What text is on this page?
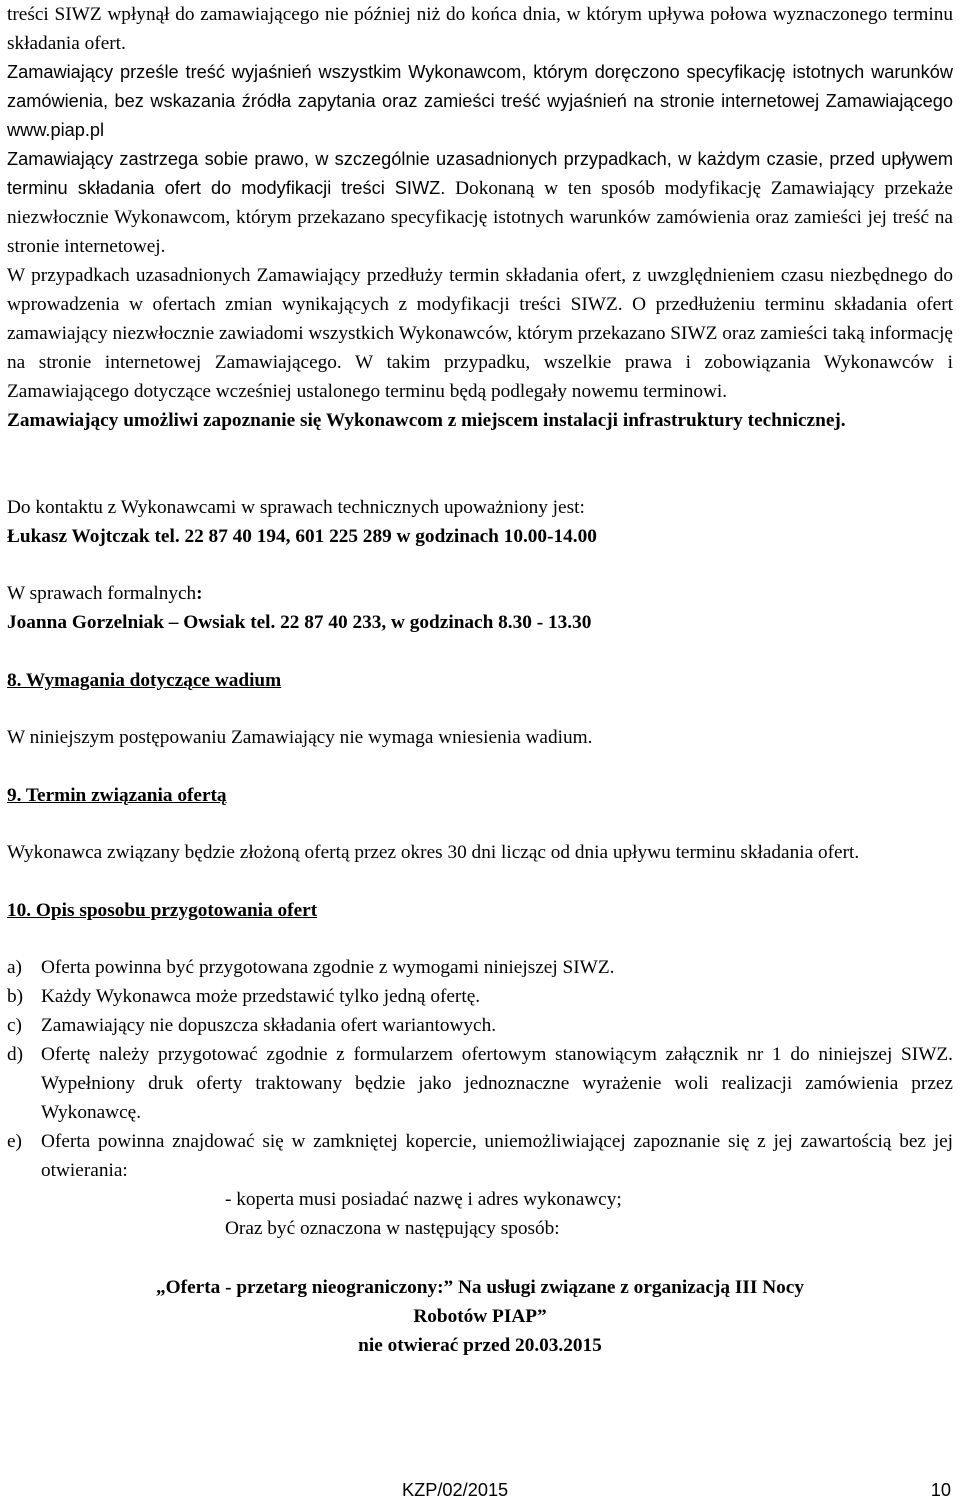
treści SIWZ wpłynął do zamawiającego nie później niż do końca dnia, w którym upływa połowa wyznaczonego terminu składania ofert.

Zamawiający prześle treść wyjaśnień wszystkim Wykonawcom, którym doręczono specyfikację istotnych warunków zamówienia, bez wskazania źródła zapytania oraz zamieści treść wyjaśnień na stronie internetowej Zamawiającego www.piap.pl

Zamawiający zastrzega sobie prawo, w szczególnie uzasadnionych przypadkach, w każdym czasie, przed upływem terminu składania ofert do modyfikacji treści SIWZ. Dokonaną w ten sposób modyfikację Zamawiający przekaże niezwłocznie Wykonawcom, którym przekazano specyfikację istotnych warunków zamówienia oraz zamieści jej treść na stronie internetowej.

W przypadkach uzasadnionych Zamawiający przedłuży termin składania ofert, z uwzględnieniem czasu niezbędnego do wprowadzenia w ofertach zmian wynikających z modyfikacji treści SIWZ. O przedłużeniu terminu składania ofert zamawiający niezwłocznie zawiadomi wszystkich Wykonawców, którym przekazano SIWZ oraz zamieści taką informację na stronie internetowej Zamawiającego. W takim przypadku, wszelkie prawa i zobowiązania Wykonawców i Zamawiającego dotyczące wcześniej ustalonego terminu będą podlegały nowemu terminowi.

Zamawiający umożliwi zapoznanie się Wykonawcom z miejscem instalacji infrastruktury technicznej.

Do kontaktu z Wykonawcami w sprawach technicznych upoważniony jest:

Łukasz Wojtczak tel. 22 87 40 194, 601 225 289 w godzinach 10.00-14.00

W sprawach formalnych:

Joanna Gorzelniak – Owsiak tel. 22 87 40 233, w godzinach 8.30 - 13.30

8. Wymagania dotyczące wadium

W niniejszym postępowaniu Zamawiający nie wymaga wniesienia wadium.

9. Termin związania ofertą

Wykonawca związany będzie złożoną ofertą przez okres 30 dni licząc od dnia upływu terminu składania ofert.

10. Opis sposobu przygotowania ofert

a) Oferta powinna być przygotowana zgodnie z wymogami niniejszej SIWZ.
b) Każdy Wykonawca może przedstawić tylko jedną ofertę.
c) Zamawiający nie dopuszcza składania ofert wariantowych.
d) Ofertę należy przygotować zgodnie z formularzem ofertowym stanowiącym załącznik nr 1 do niniejszej SIWZ. Wypełniony druk oferty traktowany będzie jako jednoznaczne wyrażenie woli realizacji zamówienia przez Wykonawcę.
e) Oferta powinna znajdować się w zamkniętej kopercie, uniemożliwiającej zapoznanie się z jej zawartością bez jej otwierania:

- koperta musi posiadać nazwę i adres wykonawcy;

Oraz być oznaczona w następujący sposób:

„Oferta - przetarg nieograniczony:” Na usługi związane z organizacją III Nocy

Robotów PIAP”

nie otwierać przed 20.03.2015

KZP/02/2015	10
